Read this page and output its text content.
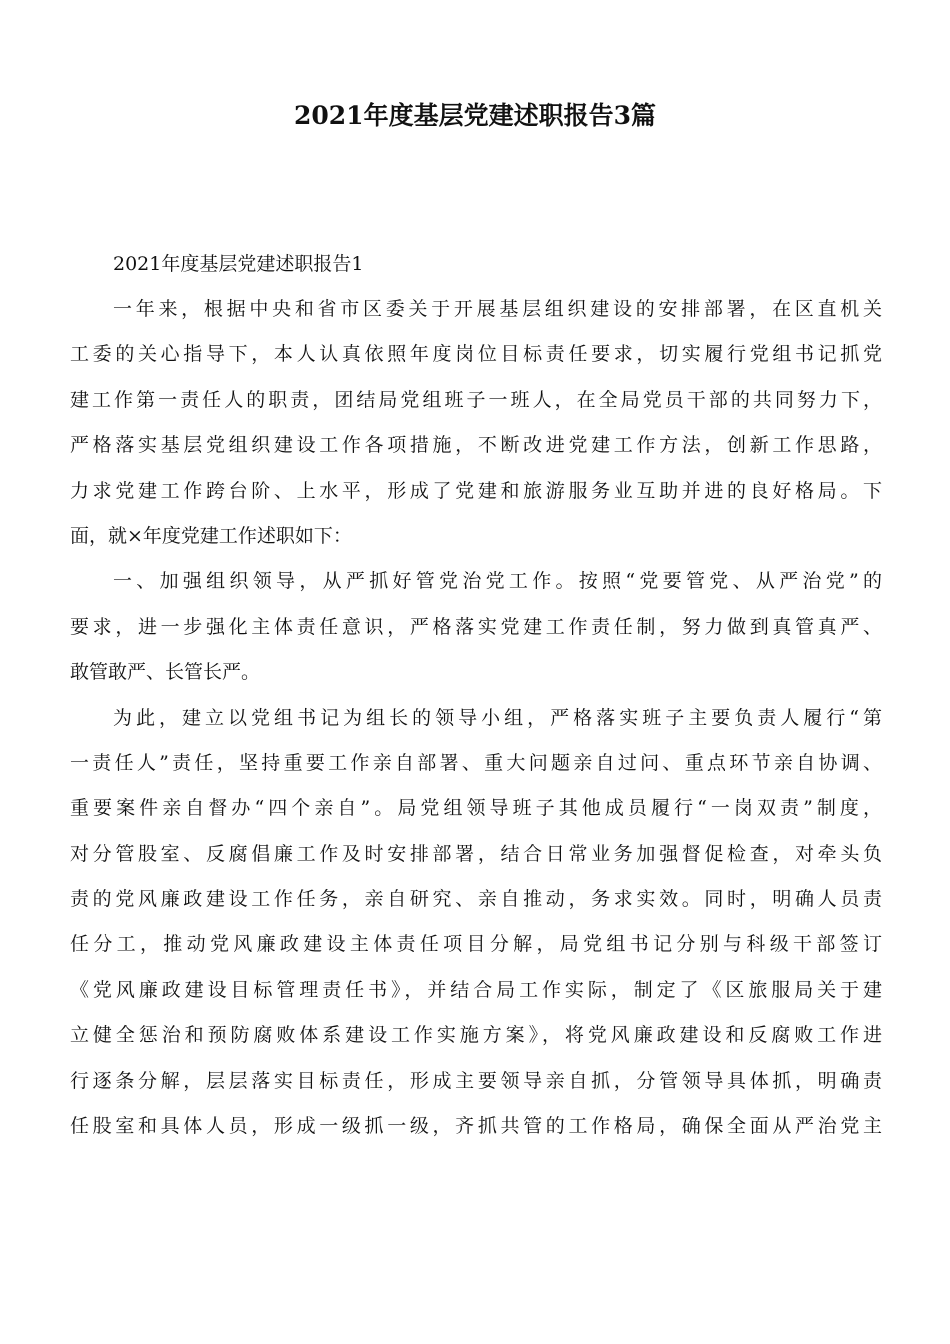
2021年度基层党建述职报告3篇
2021年度基层党建述职报告1
一年来，根据中央和省市区委关于开展基层组织建设的安排部署，在区直机关
工委的关心指导下，本人认真依照年度岗位目标责任要求，切实履行党组书记抓党
建工作第一责任人的职责，团结局党组班子一班人，在全局党员干部的共同努力下，
严格落实基层党组织建设工作各项措施，不断改进党建工作方法，创新工作思路，
力求党建工作跨台阶、上水平，形成了党建和旅游服务业互助并进的良好格局。下
面，就×年度党建工作述职如下：
一、加强组织领导，从严抓好管党治党工作。按照“党要管党、从严治党”的
要求，进一步强化主体责任意识，严格落实党建工作责任制，努力做到真管真严、
敢管敢严、长管长严。
为此，建立以党组书记为组长的领导小组，严格落实班子主要负责人履行“第
一责任人”责任，坚持重要工作亲自部署、重大问题亲自过问、重点环节亲自协调、
重要案件亲自督办“四个亲自”。局党组领导班子其他成员履行“一岗双责”制度，
对分管股室、反腐倡廉工作及时安排部署，结合日常业务加强督促检查，对牵头负
责的党风廉政建设工作任务，亲自研究、亲自推动，务求实效。同时，明确人员责
任分工，推动党风廉政建设主体责任项目分解，局党组书记分别与科级干部签订
《党风廉政建设目标管理责任书》，并结合局工作实际，制定了《区旅服局关于建
立健全惩治和预防腐败体系建设工作实施方案》，将党风廉政建设和反腐败工作进
行逐条分解，层层落实目标责任，形成主要领导亲自抓，分管领导具体抓，明确责
任股室和具体人员，形成一级抓一级，齐抓共管的工作格局，确保全面从严治党主
